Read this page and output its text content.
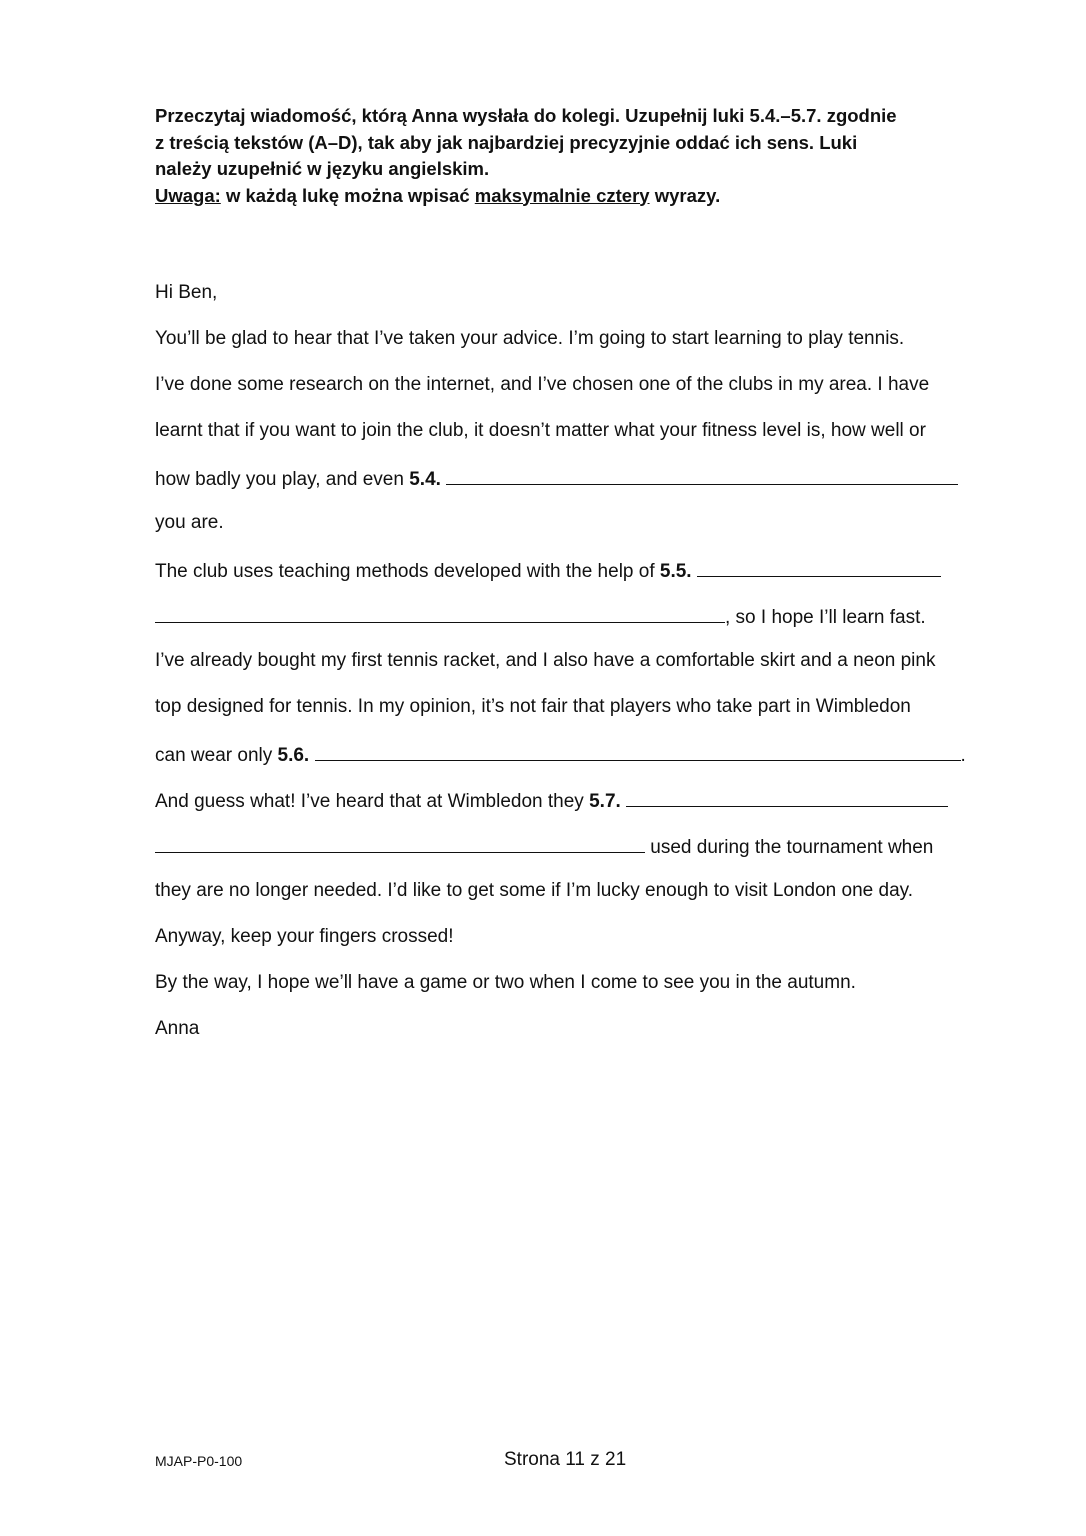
Przeczytaj wiadomość, którą Anna wysłała do kolegi. Uzupełnij luki 5.4.–5.7. zgodnie

z treścią tekstów (A–D), tak aby jak najbardziej precyzyjnie oddać ich sens. Luki

należy uzupełnić w języku angielskim.

Uwaga: w każdą lukę można wpisać maksymalnie cztery wyrazy.

Hi Ben,
You’ll be glad to hear that I’ve taken your advice. I’m going to start learning to play tennis.
I’ve done some research on the internet, and I’ve chosen one of the clubs in my area. I have
learnt that if you want to join the club, it doesn’t matter what your fitness level is, how well or
how badly you play, and even 5.4.
you are.
The club uses teaching methods developed with the help of 5.5.
, so I hope I’ll learn fast.
I’ve already bought my first tennis racket, and I also have a comfortable skirt and a neon pink
top designed for tennis. In my opinion, it’s not fair that players who take part in Wimbledon
can wear only 5.6.	.
And guess what! I’ve heard that at Wimbledon they 5.7.
used during the tournament when
they are no longer needed. I’d like to get some if I’m lucky enough to visit London one day.
Anyway, keep your fingers crossed!
By the way, I hope we’ll have a game or two when I come to see you in the autumn.
Anna
MJAP-P0-100	Strona 11 z 21
